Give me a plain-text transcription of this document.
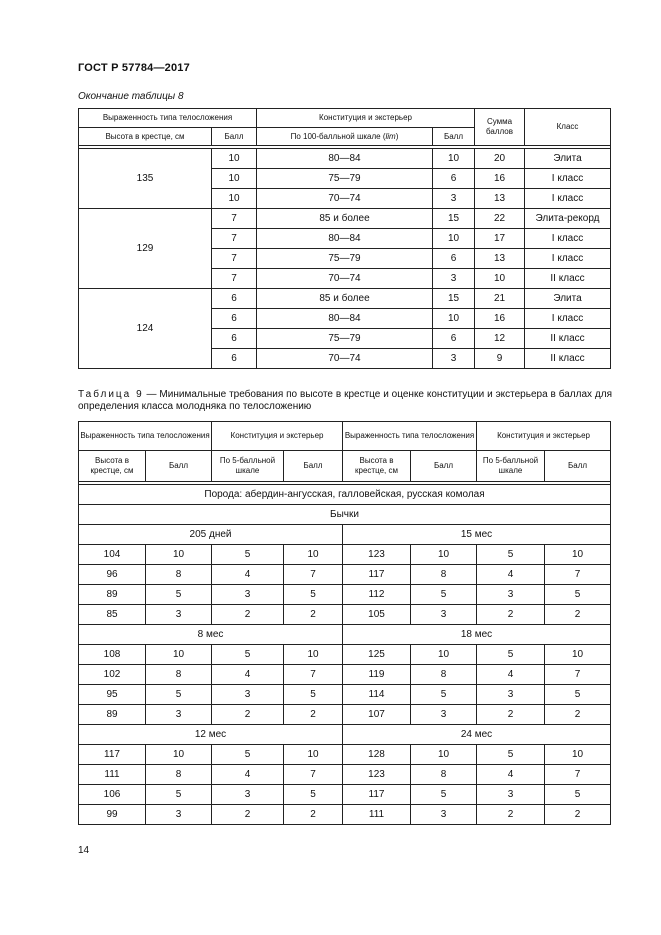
ГОСТ Р 57784—2017
Окончание таблицы 8
Выраженность типа телосложения		Конституция и экстерьер		Сумма баллов	Класс
Высота в крестце, см	Балл	По 100-балльной шкале (lim)	Балл		

135	10	80—84	10	20	Элита
	10	75—79	6	16	I класс
	10	70—74	3	13	I класс
129	7	85 и более	15	22	Элита-рекорд
	7	80—84	10	17	I класс
	7	75—79	6	13	I класс
	7	70—74	3	10	II класс
124	6	85 и более	15	21	Элита
	6	80—84	10	16	I класс
	6	75—79	6	12	II класс
	6	70—74	3	9	II класс
Таблица 9 — Минимальные требования по высоте в крестце и оценке конституции и экстерьера в баллах для определения класса молодняка по телосложению
Выраженность типа телосложения		Конституция и экстерьер		Выраженность типа телосложения		Конституция и экстерьер	
Высота в крестце, см	Балл	По 5-балльной шкале	Балл	Высота в крестце, см	Балл	По 5-балльной шкале	Балл

Порода: абердин-ангусская, галловейская, русская комолая							
Бычки							
205 дней				15 мес			
104	10	5	10	123	10	5	10
96	8	4	7	117	8	4	7
89	5	3	5	112	5	3	5
85	3	2	2	105	3	2	2
8 мес				18 мес			
108	10	5	10	125	10	5	10
102	8	4	7	119	8	4	7
95	5	3	5	114	5	3	5
89	3	2	2	107	3	2	2
12 мес				24 мес			
117	10	5	10	128	10	5	10
111	8	4	7	123	8	4	7
106	5	3	5	117	5	3	5
99	3	2	2	111	3	2	2
14
